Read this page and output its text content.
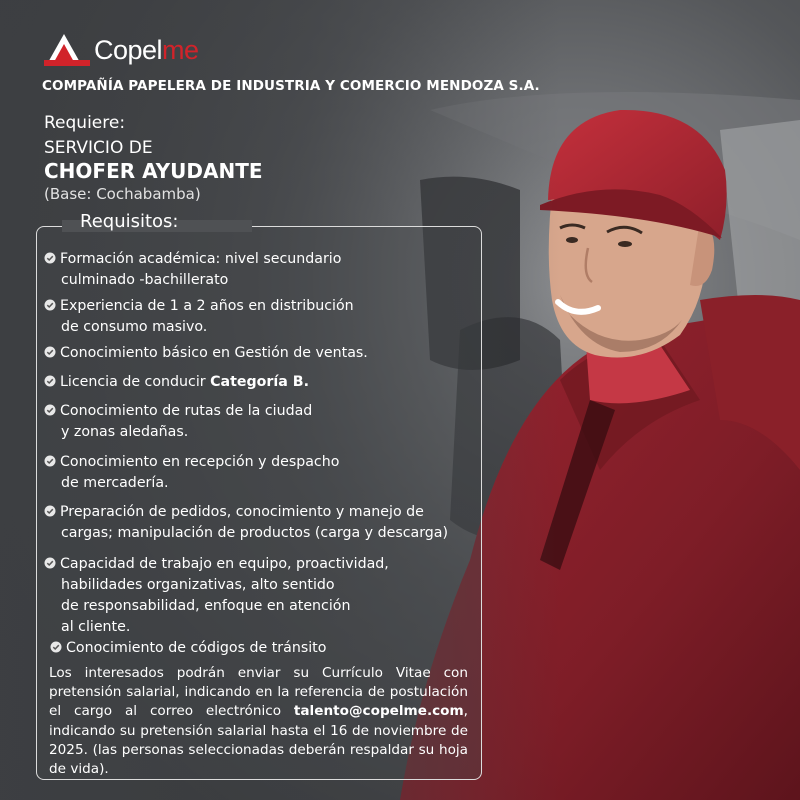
Copelme
COMPAÑÍA PAPELERA DE INDUSTRIA Y COMERCIO MENDOZA S.A.
Requiere:
SERVICIO DE
CHOFER AYUDANTE
(Base: Cochabamba)
Requisitos:
Formación académica: nivel secundario
culminado -bachillerato
Experiencia de 1 a 2 años en distribución
de consumo masivo.
Conocimiento básico en Gestión de ventas.
Licencia de conducir Categoría B.
Conocimiento de rutas de la ciudad
y zonas aledañas.
Conocimiento en recepción y despacho
de mercadería.
Preparación de pedidos, conocimiento y manejo de
cargas; manipulación de productos (carga y descarga)
Capacidad de trabajo en equipo, proactividad,
habilidades organizativas, alto sentido
de responsabilidad, enfoque en atención
al cliente.
Conocimiento de códigos de tránsito
Los interesados podrán enviar su Currículo Vitae con pretensión salarial, indicando en la referencia de postulación el cargo al correo electrónico talento@copelme.com, indicando su pretensión salarial hasta el 16 de noviembre de 2025. (las personas seleccionadas deberán respaldar su hoja de vida).
